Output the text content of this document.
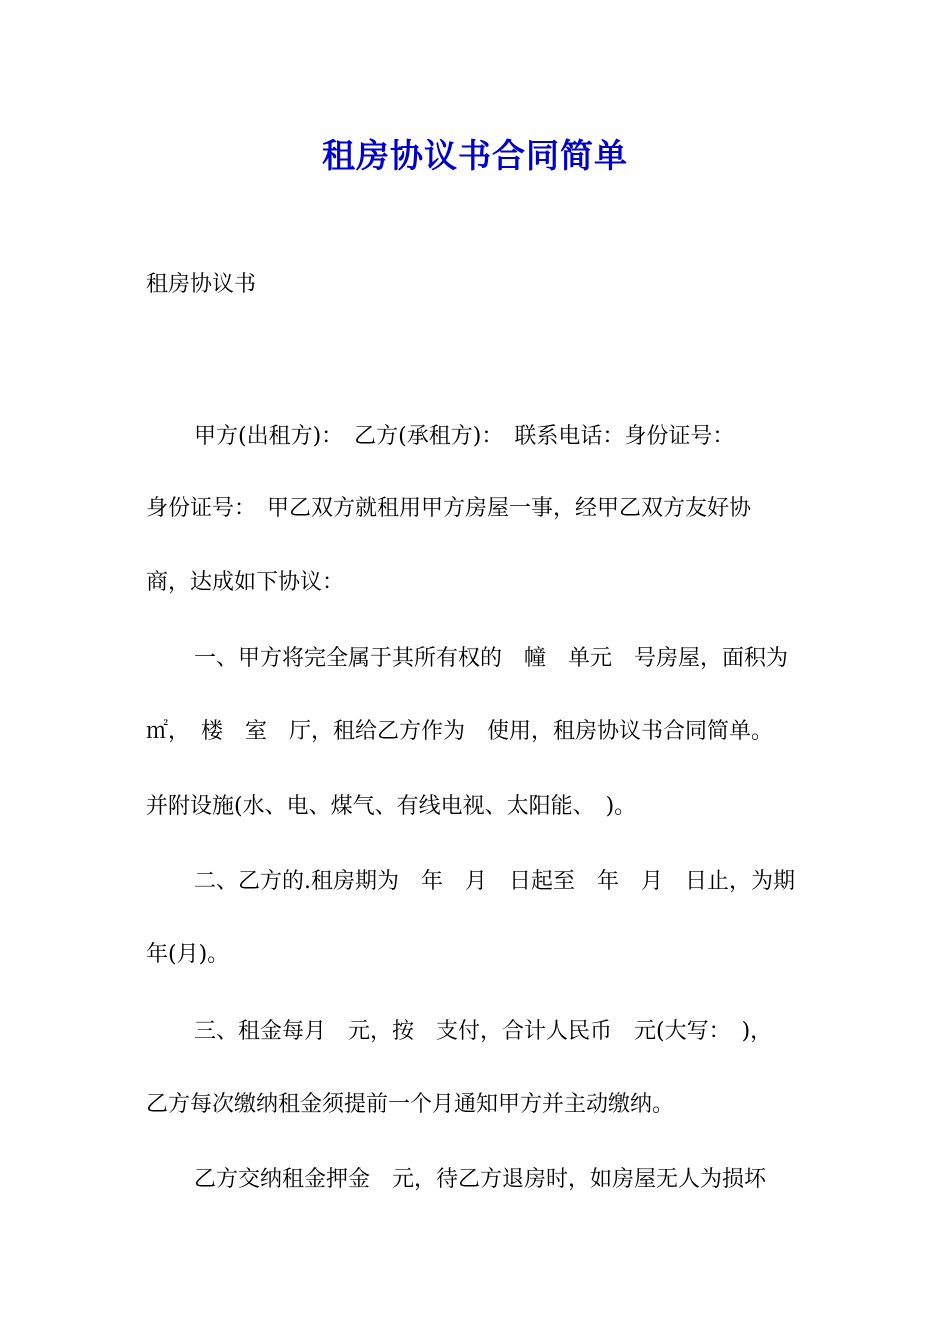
租房协议书合同简单
租房协议书
甲方(出租方)：　乙方(承租方)：　联系电话：身份证号：
身份证号：　甲乙双方就租用甲方房屋一事，经甲乙双方友好协
商，达成如下协议：
一、甲方将完全属于其所有权的　幢　单元　号房屋，面积为
㎡，　楼　室　厅，租给乙方作为　使用，租房协议书合同简单。
并附设施(水、电、煤气、有线电视、太阳能、　)。
二、乙方的.租房期为　年　月　日起至　年　月　日止，为期
年(月)。
三、租金每月　元，按　支付，合计人民币　元(大写：　)，
乙方每次缴纳租金须提前一个月通知甲方并主动缴纳。
乙方交纳租金押金　元，待乙方退房时，如房屋无人为损坏
